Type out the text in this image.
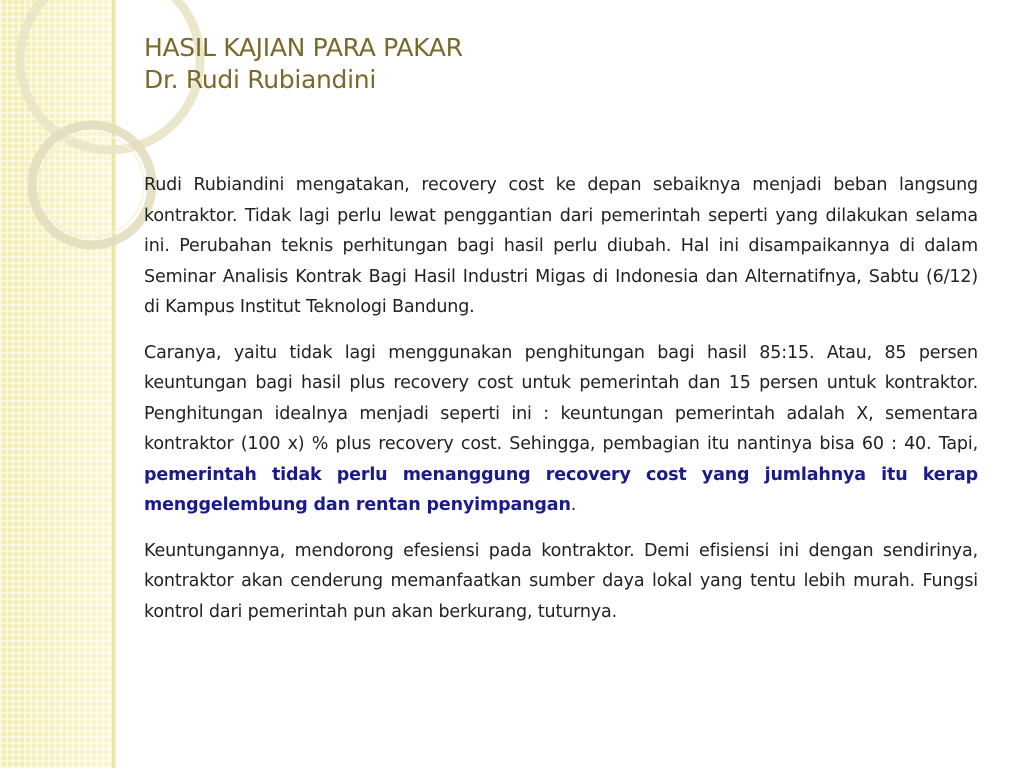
HASIL KAJIAN PARA PAKAR
Dr. Rudi Rubiandini

Rudi Rubiandini mengatakan, recovery cost ke depan sebaiknya menjadi beban langsung kontraktor. Tidak lagi perlu lewat penggantian dari pemerintah seperti yang dilakukan selama ini. Perubahan teknis perhitungan bagi hasil perlu diubah. Hal ini disampaikannya di dalam Seminar Analisis Kontrak Bagi Hasil Industri Migas di Indonesia dan Alternatifnya, Sabtu (6/12) di Kampus Institut Teknologi Bandung.

Caranya, yaitu tidak lagi menggunakan penghitungan bagi hasil 85:15. Atau, 85 persen keuntungan bagi hasil plus recovery cost untuk pemerintah dan 15 persen untuk kontraktor. Penghitungan idealnya menjadi seperti ini : keuntungan pemerintah adalah X, sementara kontraktor (100 x) % plus recovery cost. Sehingga, pembagian itu nantinya bisa 60 : 40. Tapi, pemerintah tidak perlu menanggung recovery cost yang jumlahnya itu kerap menggelembung dan rentan penyimpangan.

Keuntungannya, mendorong efesiensi pada kontraktor. Demi efisiensi ini dengan sendirinya, kontraktor akan cenderung memanfaatkan sumber daya lokal yang tentu lebih murah. Fungsi kontrol dari pemerintah pun akan berkurang, tuturnya.
